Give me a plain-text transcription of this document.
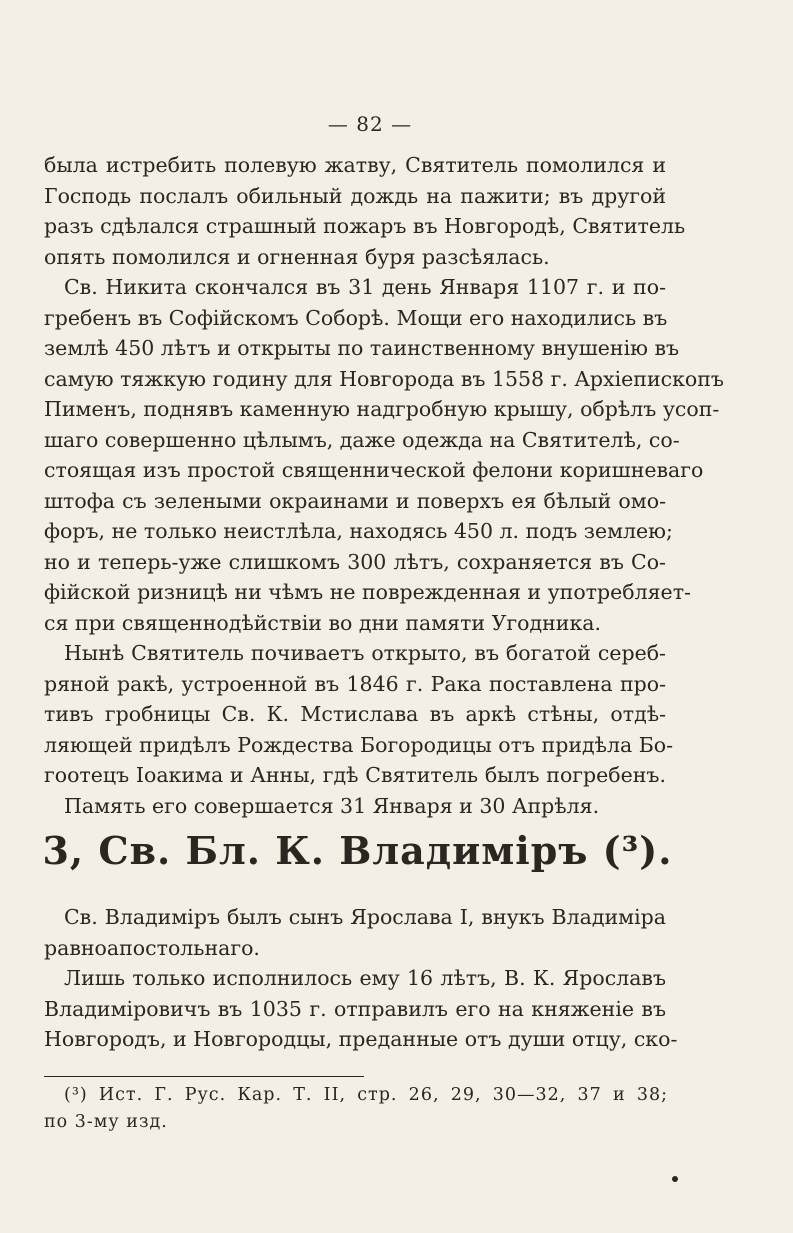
— 82 —
была истребить полевую жатву, Святитель помолился и
Господь послалъ обильный дождь на пажити; въ другой
разъ сдѣлался страшный пожаръ въ Новгородѣ, Святитель
опять помолился и огненная буря разсѣялась.
Св. Никита скончался въ 31 день Января 1107 г. и по-
гребенъ въ Софійскомъ Соборѣ. Мощи его находились въ
землѣ 450 лѣтъ и открыты по таинственному внушенію въ
самую тяжкую годину для Новгорода въ 1558 г. Архіепископъ
Пименъ, поднявъ каменную надгробную крышу, обрѣлъ усоп-
шаго совершенно цѣлымъ, даже одежда на Святителѣ, со-
стоящая изъ простой священнической фелони коришневаго
штофа съ зелеными окраинами и поверхъ ея бѣлый омо-
форъ, не только неистлѣла, находясь 450 л. подъ землею;
но и теперь-уже слишкомъ 300 лѣтъ, сохраняется въ Со-
фійской ризницѣ ни чѣмъ не поврежденная и употребляет-
ся при священнодѣйствіи во дни памяти Угодника.
Нынѣ Святитель почиваетъ открыто, въ богатой сереб-
ряной ракѣ, устроенной въ 1846 г. Рака поставлена про-
тивъ гробницы Св. К. Мстислава въ аркѣ стѣны, отдѣ-
ляющей придѣлъ Рождества Богородицы отъ придѣла Бо-
гоотецъ Іоакима и Анны, гдѣ Святитель былъ погребенъ.
Память его совершается 31 Января и 30 Апрѣля.
3, Св. Бл. К. Владиміръ (³).
Св. Владиміръ былъ сынъ Ярослава I, внукъ Владиміра
равноапостольнаго.
Лишь только исполнилось ему 16 лѣтъ, В. К. Ярославъ
Владиміровичъ въ 1035 г. отправилъ его на княженіе въ
Новгородъ, и Новгородцы, преданные отъ души отцу, ско-
(³) Ист. Г. Рус. Кар. Т. II, стр. 26, 29, 30—32, 37 и 38;
по 3-му изд.
